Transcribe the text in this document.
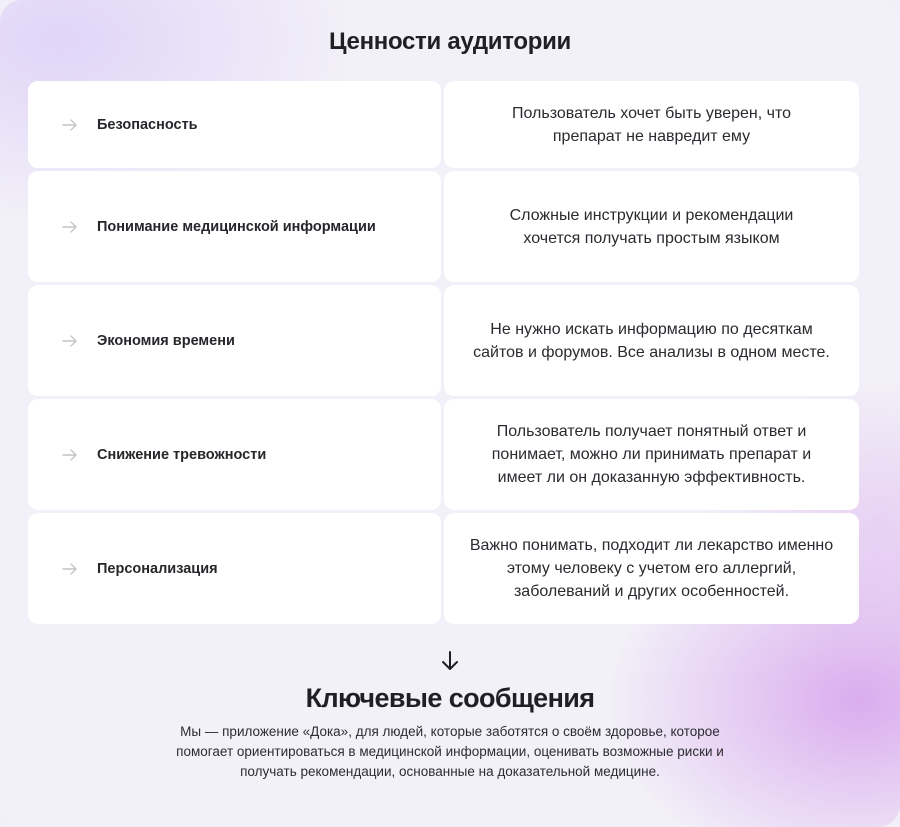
Ценности аудитории
Безопасность
Пользователь хочет быть уверен, что препарат не навредит ему
Понимание медицинской информации
Сложные инструкции и рекомендации хочется получать простым языком
Экономия времени
Не нужно искать информацию по десяткам сайтов и форумов. Все анализы в одном месте.
Снижение тревожности
Пользователь получает понятный ответ и понимает, можно ли принимать препарат и имеет ли он доказанную эффективность.
Персонализация
Важно понимать, подходит ли лекарство именно этому человеку с учетом его аллергий, заболеваний и других особенностей.
Ключевые сообщения

Мы — приложение «Дока», для людей, которые заботятся о своём здоровье, которое помогает ориентироваться в медицинской информации, оценивать возможные риски и получать рекомендации, основанные на доказательной медицине.
